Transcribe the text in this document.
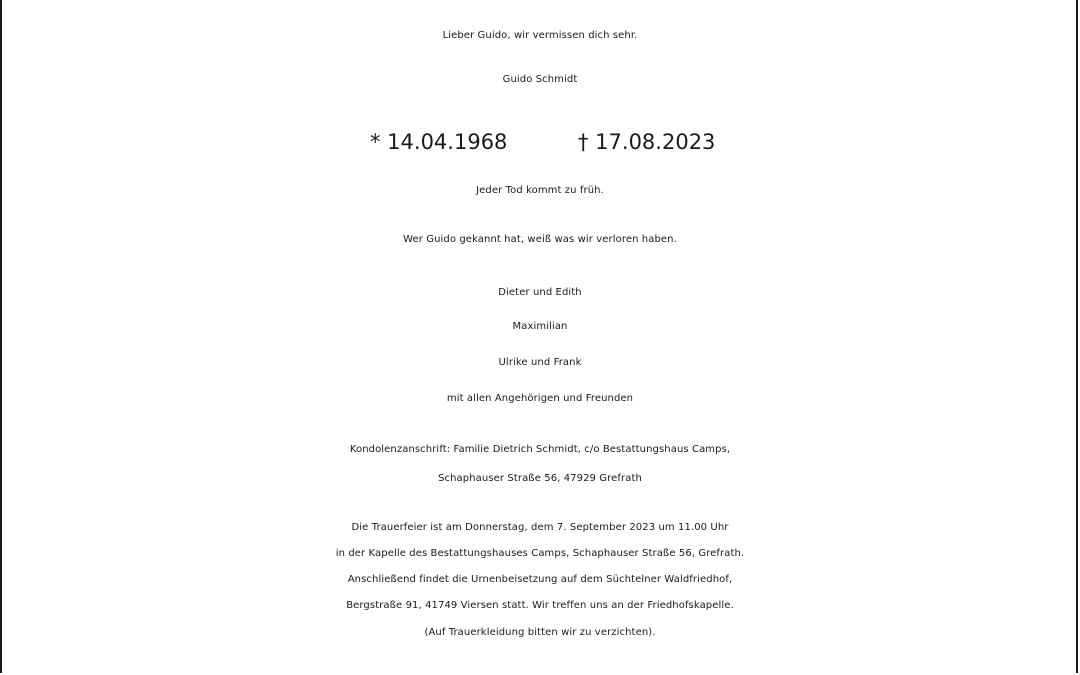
Lieber Guido, wir vermissen dich sehr.
Guido Schmidt
* 14.04.1968	† 17.08.2023
Jeder Tod kommt zu früh.
Wer Guido gekannt hat, weiß was wir verloren haben.
Dieter und Edith
Maximilian
Ulrike und Frank
mit allen Angehörigen und Freunden
Kondolenzanschrift: Familie Dietrich Schmidt, c/o Bestattungshaus Camps,
Schaphauser Straße 56, 47929 Grefrath
Die Trauerfeier ist am Donnerstag, dem 7. September 2023 um 11.00 Uhr
in der Kapelle des Bestattungshauses Camps, Schaphauser Straße 56, Grefrath.
Anschließend findet die Urnenbeisetzung auf dem Süchtelner Waldfriedhof,
Bergstraße 91, 41749 Viersen statt. Wir treffen uns an der Friedhofskapelle.
(Auf Trauerkleidung bitten wir zu verzichten).
